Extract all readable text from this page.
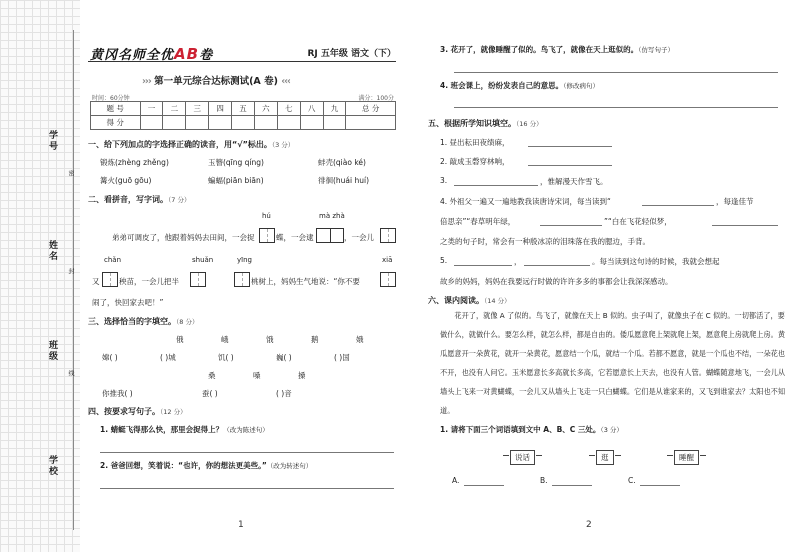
学号
姓名
班级
学校
密
封
线
黄冈名师全优AB卷	RJ 五年级 语文（下）
››› 第一单元综合达标测试(A 卷) ‹‹‹
时间：60分钟	满分：100分
题 号	一	二	三	四	五	六	七	八	九	总 分
得 分										
一、给下列加点的字选择正确的读音，用“√”标出。（3 分）
锻炼(zhèng zhěng)	玉簪(qīng qíng)	蚌壳(qiào ké)
篝火(guō gōu)	蝙蝠(piān biān)	徘徊(huái huí)
二、看拼音，写字词。（7 分）
hú	mà zhà
弟弟可调皮了，他跟着妈妈去田间，一会捉	蝶，一会逮	，一会儿
chǎn	shuǎn	yīng	xiā
又	秧苗，一会儿把半	桃树上，妈妈生气地说：“你不要
闹了，快回家去吧！”
三、选择恰当的字填空。（8 分）
俄	峨	饿	鹅	娥
嫦( )	( )城	饥( )	巍( )	( )国
桑	嗓	搡
你推我( )	蚕( )	( )音
四、按要求写句子。（12 分）
1. 蜻蜓飞得那么快，那里会捉得上？（改为陈述句）
2. 爸爸回想，笑着说：“也许，你的想法更美些。”（改为转述句）
1
3. 花开了，就像睡醒了似的。鸟飞了，就像在天上逛似的。（仿写句子）
4. 班会课上，纷纷发表自己的意思。（修改病句）
五、根据所学知识填空。（16 分）
1. 昼出耘田夜绩麻，
2. 敲成玉磬穿林响，
3.	，惟解漫天作雪飞。
4. 外祖父一遍又一遍地教我读唐诗宋词，每当读到“	，每逢佳节
倍思亲”“春草明年绿，	”“白在飞花轻似梦，
之类的句子时，常会有一种殷冰凉的泪珠落在我的腮边，手背。
5.	，	。每当读到这句诗的时候，我就会想起
故乡的妈妈，妈妈在我要远行时做的许许多多的事都会让我深深感动。
六、课内阅读。（14 分）
花开了，就像 A 了似的。鸟飞了，就像在天上 B 似的。虫子叫了，就像虫子在 C 似的。一切都活了，要做什么，就做什么。要怎么样，就怎么样，都是自由的。倭瓜愿意爬上架就爬上架，愿意爬上房就爬上房。黄瓜愿意开一朵黄花，就开一朵黄花，愿意结一个瓜，就结一个瓜。若都不愿意，就是一个瓜也不结，一朵花也不开，也没有人问它。玉米愿意长多高就长多高，它若愿意长上天去，也没有人管。蝴蝶随意地飞，一会儿从墙头上飞来一对黄蝴蝶，一会儿又从墙头上飞走一只白蝴蝶。它们是从谁家来的，又飞到谁家去？太阳也不知道。
1. 请将下面三个词语填到文中 A、B、C 三处。（3 分）
说话	逛	睡醒
A.	B.	C.
2
